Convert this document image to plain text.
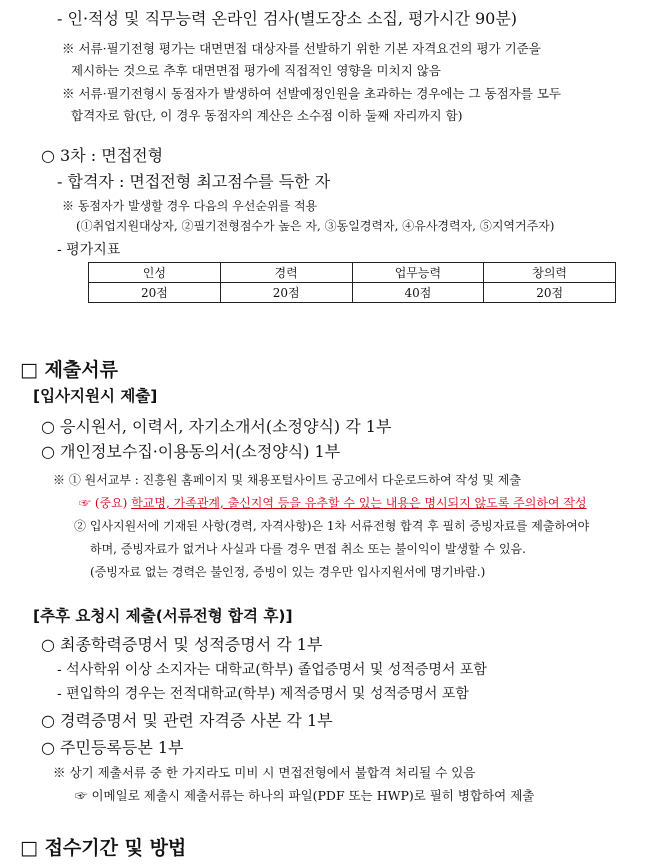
- 인·적성 및 직무능력 온라인 검사(별도장소 소집, 평가시간 90분)
※ 서류·필기전형 평가는 대면면접 대상자를 선발하기 위한 기본 자격요건의 평가 기준을
제시하는 것으로 추후 대면면접 평가에 직접적인 영향을 미치지 않음
※ 서류·필기전형시 동점자가 발생하여 선발예정인원을 초과하는 경우에는 그 동점자를 모두
합격자로 함(단, 이 경우 동점자의 계산은 소수점 이하 둘째 자리까지 함)
○ 3차 : 면접전형
- 합격자 : 면접전형 최고점수를 득한 자
※ 동점자가 발생할 경우 다음의 우선순위를 적용
(①취업지원대상자, ②필기전형점수가 높은 자, ③동일경력자, ④유사경력자, ⑤지역거주자)
- 평가지표
인성	경력	업무능력	창의력
20점	20점	40점	20점
□ 제출서류
[입사지원시 제출]
○ 응시원서, 이력서, 자기소개서(소정양식) 각 1부
○ 개인정보수집·이용동의서(소정양식) 1부
※ ① 원서교부 : 진흥원 홈페이지 및 채용포털사이트 공고에서 다운로드하여 작성 및 제출
☞ (중요) 학교명, 가족관계, 출신지역 등을 유추할 수 있는 내용은 명시되지 않도록 주의하여 작성
② 입사지원서에 기재된 사항(경력, 자격사항)은 1차 서류전형 합격 후 필히 증빙자료를 제출하여야
하며, 증빙자료가 없거나 사실과 다를 경우 면접 취소 또는 불이익이 발생할 수 있음.
(증빙자료 없는 경력은 불인정, 증빙이 있는 경우만 입사지원서에 명기바람.)
[추후 요청시 제출(서류전형 합격 후)]
○ 최종학력증명서 및 성적증명서 각 1부
- 석사학위 이상 소지자는 대학교(학부) 졸업증명서 및 성적증명서 포함
- 편입학의 경우는 전적대학교(학부) 제적증명서 및 성적증명서 포함
○ 경력증명서 및 관련 자격증 사본 각 1부
○ 주민등록등본 1부
※ 상기 제출서류 중 한 가지라도 미비 시 면접전형에서 불합격 처리될 수 있음
☞ 이메일로 제출시 제출서류는 하나의 파일(PDF 또는 HWP)로 필히 병합하여 제출
□ 접수기간 및 방법
